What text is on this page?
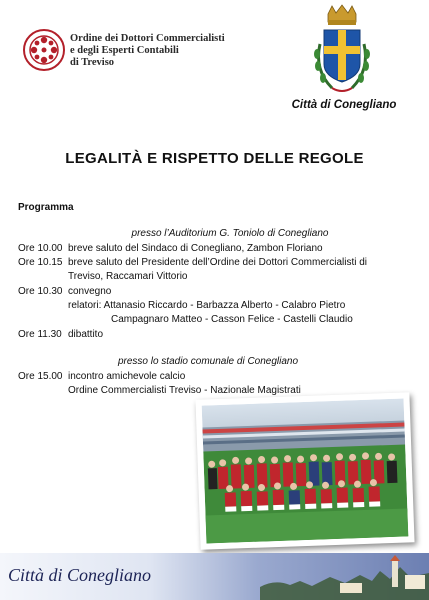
Ordine dei Dottori Commercialisti
e degli Esperti Contabili
di Treviso
Città di Conegliano
LEGALITÀ E RISPETTO DELLE REGOLE
Programma
presso l’Auditorium G. Toniolo di Conegliano
Ore 10.00 breve saluto del Sindaco di Conegliano, Zambon Floriano
Ore 10.15 breve saluto del Presidente dell’Ordine dei Dottori Commercialisti di
Treviso, Raccamari Vittorio
Ore 10.30 convegno
relatori: Attanasio Riccardo - Barbazza Alberto - Calabro Pietro
Campagnaro Matteo - Casson Felice - Castelli Claudio
Ore 11.30 dibattito
presso lo stadio comunale di Conegliano
Ore 15.00 incontro amichevole calcio
Ordine Commercialisti Treviso - Nazionale Magistrati
Città di Conegliano
